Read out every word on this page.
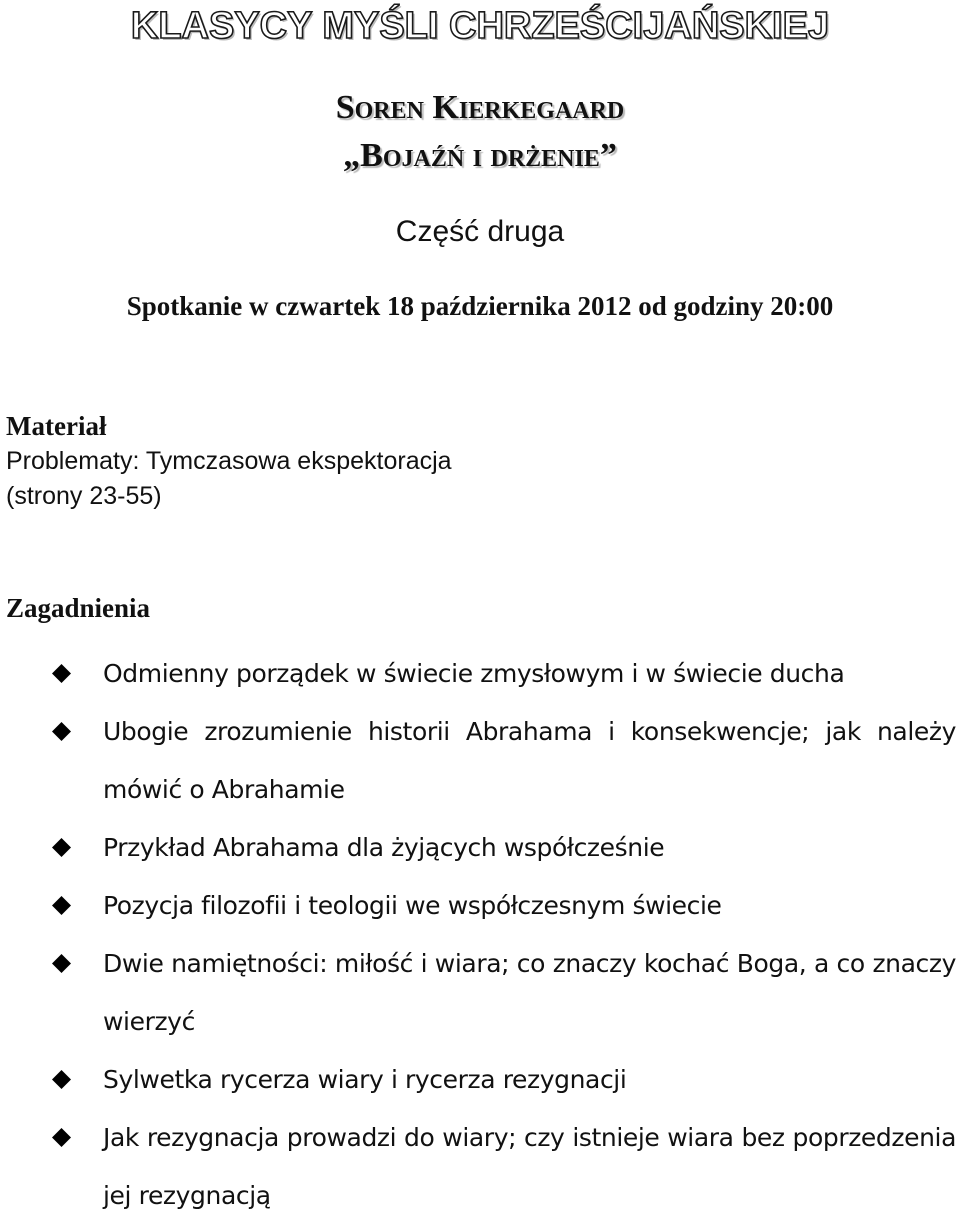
KLASYCY MYŚLI CHRZEŚCIJAŃSKIEJ
Soren Kierkegaard
„Bojaźń i drżenie”
Część druga
Spotkanie w czwartek 18 października 2012 od godziny 20:00
Materiał
Problematy: Tymczasowa ekspektoracja
(strony 23-55)
Zagadnienia
Odmienny porządek w świecie zmysłowym i w świecie ducha
Ubogie zrozumienie historii Abrahama i konsekwencje; jak należy mówić o Abrahamie
Przykład Abrahama dla żyjących współcześnie
Pozycja filozofii i teologii we współczesnym świecie
Dwie namiętności: miłość i wiara; co znaczy kochać Boga, a co znaczy wierzyć
Sylwetka rycerza wiary i rycerza rezygnacji
Jak rezygnacja prowadzi do wiary; czy istnieje wiara bez poprzedzenia jej rezygnacją
